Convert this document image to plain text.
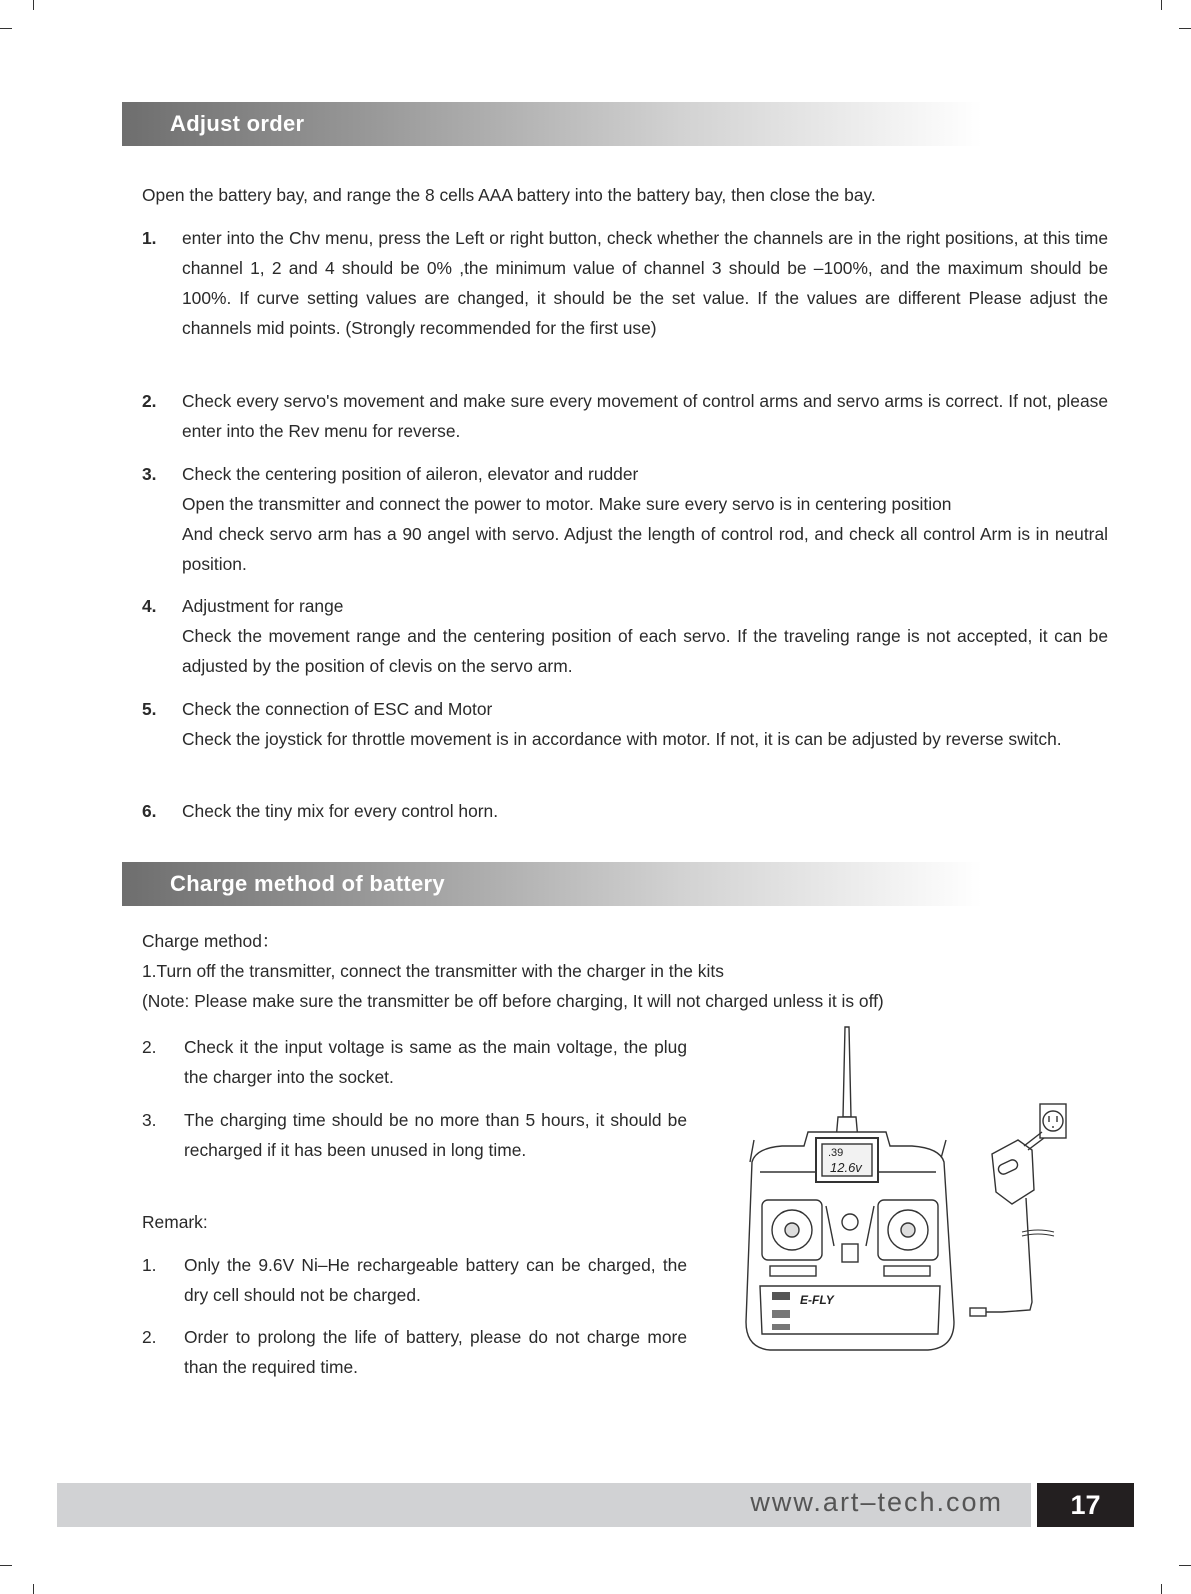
Adjust order
Open the battery bay, and range the 8 cells AAA battery into the battery bay, then close the bay.
1. enter into the Chv menu, press the Left or right button, check whether the channels are in the right positions, at this time channel 1, 2 and 4 should be 0% ,the minimum value of channel 3 should be –100%, and the maximum should be 100%. If curve setting values are changed, it should be the set value. If the values are different Please adjust the channels mid points. (Strongly recommended for the first use)

2. Check every servo's movement and make sure every movement of control arms and servo arms is correct. If not, please enter into the Rev menu for reverse.

3. Check the centering position of aileron, elevator and rudder

Open the transmitter and connect the power to motor. Make sure every servo is in centering position

And check servo arm has a 90 angel with servo. Adjust the length of control rod, and check all control Arm is in neutral position.

4. Adjustment for range

Check the movement range and the centering position of each servo. If the traveling range is not accepted, it can be adjusted by the position of clevis on the servo arm.

5. Check the connection of ESC and Motor

Check the joystick for throttle movement is in accordance with motor. If not, it is can be adjusted by reverse switch.

6. Check the tiny mix for every control horn.

Charge method of battery
Charge method：
1.Turn off the transmitter, connect the transmitter with the charger in the kits
(Note: Please make sure the transmitter be off before charging, It will not charged unless it is off)
2. Check it the input voltage is same as the main voltage, the plug the charger into the socket.

3. The charging time should be no more than 5 hours, it should be recharged if it has been unused in long time.

Remark:
1. Only the 9.6V Ni–He rechargeable battery can be charged, the dry cell should not be charged.

2. Order to prolong the life of battery, please do not charge more than the required time.

.39
12.6v
E-FLY
www.art–tech.com	17
